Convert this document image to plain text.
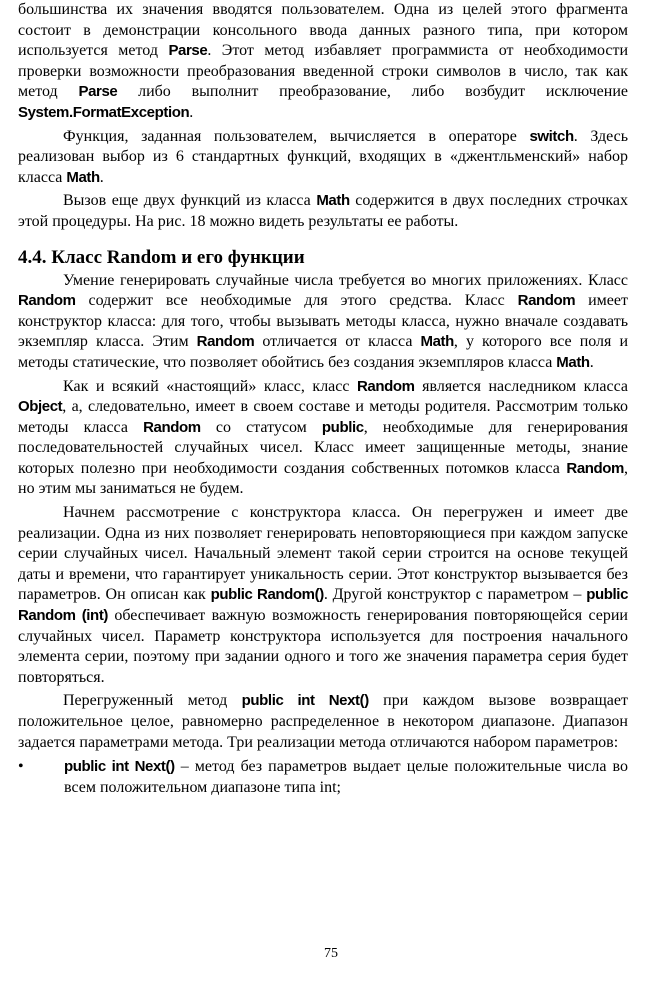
большинства их значения вводятся пользователем. Одна из целей этого фрагмента состоит в демонстрации консольного ввода данных разного типа, при котором используется метод Parse. Этот метод избавляет программиста от необходимости проверки возможности преобразования введенной строки символов в число, так как метод Parse либо выполнит преобразование, либо возбудит исключение System.FormatException.

Функция, заданная пользователем, вычисляется в операторе switch. Здесь реализован выбор из 6 стандартных функций, входящих в «джентльменский» набор класса Math.

Вызов еще двух функций из класса Math содержится в двух последних строчках этой процедуры. На рис. 18 можно видеть результаты ее работы.

4.4. Класс Random и его функции

Умение генерировать случайные числа требуется во многих приложениях. Класс Random содержит все необходимые для этого средства. Класс Random имеет конструктор класса: для того, чтобы вызывать методы класса, нужно вначале создавать экземпляр класса. Этим Random отличается от класса Math, у которого все поля и методы статические, что позволяет обойтись без создания экземпляров класса Math.

Как и всякий «настоящий» класс, класс Random является наследником класса Object, а, следовательно, имеет в своем составе и методы родителя. Рассмотрим только методы класса Random со статусом public, необходимые для генерирования последовательностей случайных чисел. Класс имеет защищенные методы, знание которых полезно при необходимости создания собственных потомков класса Random, но этим мы заниматься не будем.

Начнем рассмотрение с конструктора класса. Он перегружен и имеет две реализации. Одна из них позволяет генерировать неповторяющиеся при каждом запуске серии случайных чисел. Начальный элемент такой серии строится на основе текущей даты и времени, что гарантирует уникальность серии. Этот конструктор вызывается без параметров. Он описан как public Random(). Другой конструктор с параметром – public Random (int) обеспечивает важную возможность генерирования повторяющейся серии случайных чисел. Параметр конструктора используется для построения начального элемента серии, поэтому при задании одного и того же значения параметра серия будет повторяться.

Перегруженный метод public int Next() при каждом вызове возвращает положительное целое, равномерно распределенное в некотором диапазоне. Диапазон задается параметрами метода. Три реализации метода отличаются набором параметров:

•	public int Next() – метод без параметров выдает целые положительные числа во всем положительном диапазоне типа int;
75
